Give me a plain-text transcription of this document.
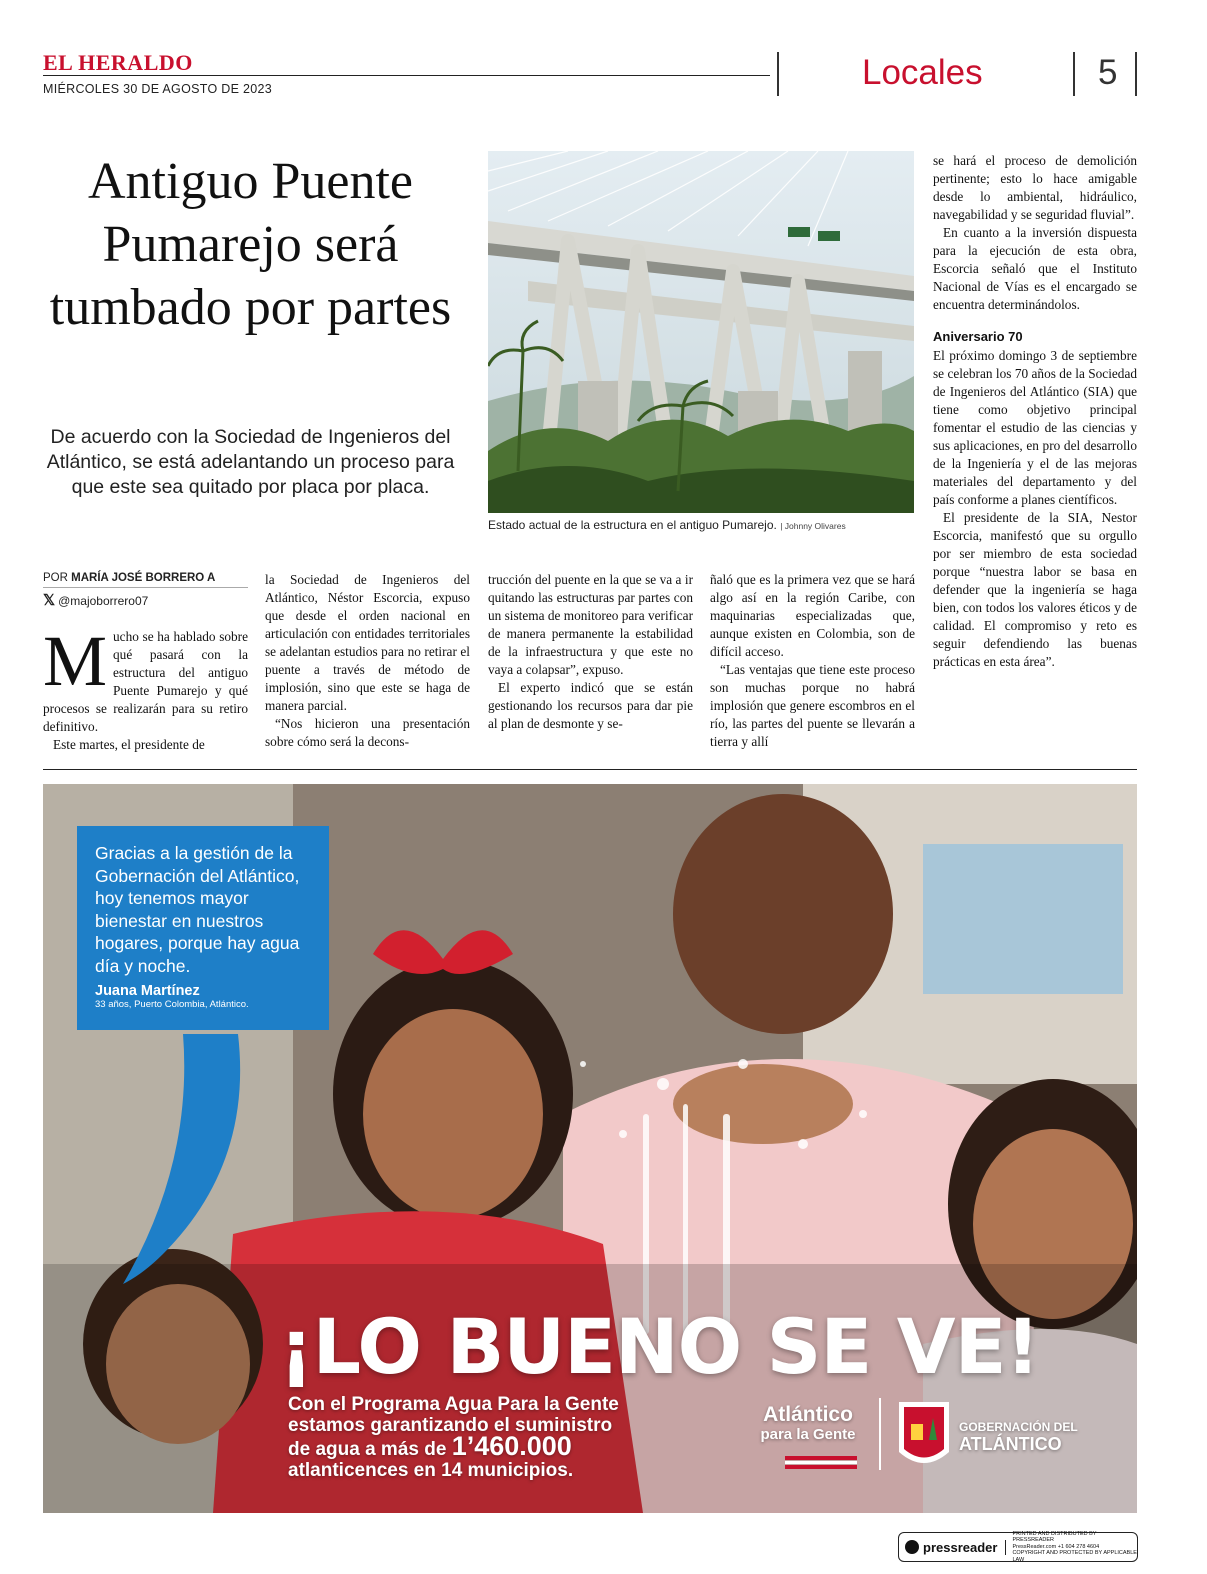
EL HERALDO
MIÉRCOLES 30 DE AGOSTO DE 2023	Locales	5
Antiguo Puente Pumarejo será tumbado por partes
De acuerdo con la Sociedad de Ingenieros del Atlántico, se está adelantando un proceso para que este sea quitado por placa por placa.
Estado actual de la estructura en el antiguo Pumarejo. | Johnny Olivares
POR MARÍA JOSÉ BORRERO A
𝕏 @majoborrero07

Mucho se ha hablado sobre qué pasará con la estructura del antiguo Puente Pumarejo y qué procesos se realizarán para su retiro definitivo.

Este martes, el presidente de

la Sociedad de Ingenieros del Atlántico, Néstor Escorcia, expuso que desde el orden nacional en articulación con entidades territoriales se adelantan estudios para no retirar el puente a través de método de implosión, sino que este se haga de manera parcial.

“Nos hicieron una presentación sobre cómo será la decons-

trucción del puente en la que se va a ir quitando las estructuras par partes con un sistema de monitoreo para verificar de manera permanente la estabilidad de la infraestructura y que este no vaya a colapsar”, expuso.

El experto indicó que se están gestionando los recursos para dar pie al plan de desmonte y se-

ñaló que es la primera vez que se hará algo así en la región Caribe, con maquinarias especializadas que, aunque existen en Colombia, son de difícil acceso.

“Las ventajas que tiene este proceso son muchas porque no habrá implosión que genere escombros en el río, las partes del puente se llevarán a tierra y allí

se hará el proceso de demolición pertinente; esto lo hace amigable desde lo ambiental, hidráulico, navegabilidad y se seguridad fluvial”.

En cuanto a la inversión dispuesta para la ejecución de esta obra, Escorcia señaló que el Instituto Nacional de Vías es el encargado se encuentra determinándolos.

Aniversario 70

El próximo domingo 3 de septiembre se celebran los 70 años de la Sociedad de Ingenieros del Atlántico (SIA) que tiene como objetivo principal fomentar el estudio de las ciencias y sus aplicaciones, en pro del desarrollo de la Ingeniería y el de las mejoras materiales del departamento y del país conforme a planes científicos.

El presidente de la SIA, Nestor Escorcia, manifestó que su orgullo por ser miembro de esta sociedad porque “nuestra labor se basa en defender que la ingeniería se haga bien, con todos los valores éticos y de calidad. El compromiso y reto es seguir defendiendo las buenas prácticas en esta área”.

Gracias a la gestión de la Gobernación del Atlántico, hoy tenemos mayor bienestar en nuestros hogares, porque hay agua día y noche.
Juana Martínez
33 años, Puerto Colombia, Atlántico.
¡LO BUENO SE VE!
Con el Programa Agua Para la Gente
estamos garantizando el suministro
de agua a más de 1’460.000
atlanticences en 14 municipios.
Atlántico
para la Gente	GOBERNACIÓN DEL
ATLÁNTICO
pressreader
PRINTED AND DISTRIBUTED BY PRESSREADER
PressReader.com +1 604 278 4604
COPYRIGHT AND PROTECTED BY APPLICABLE LAW
